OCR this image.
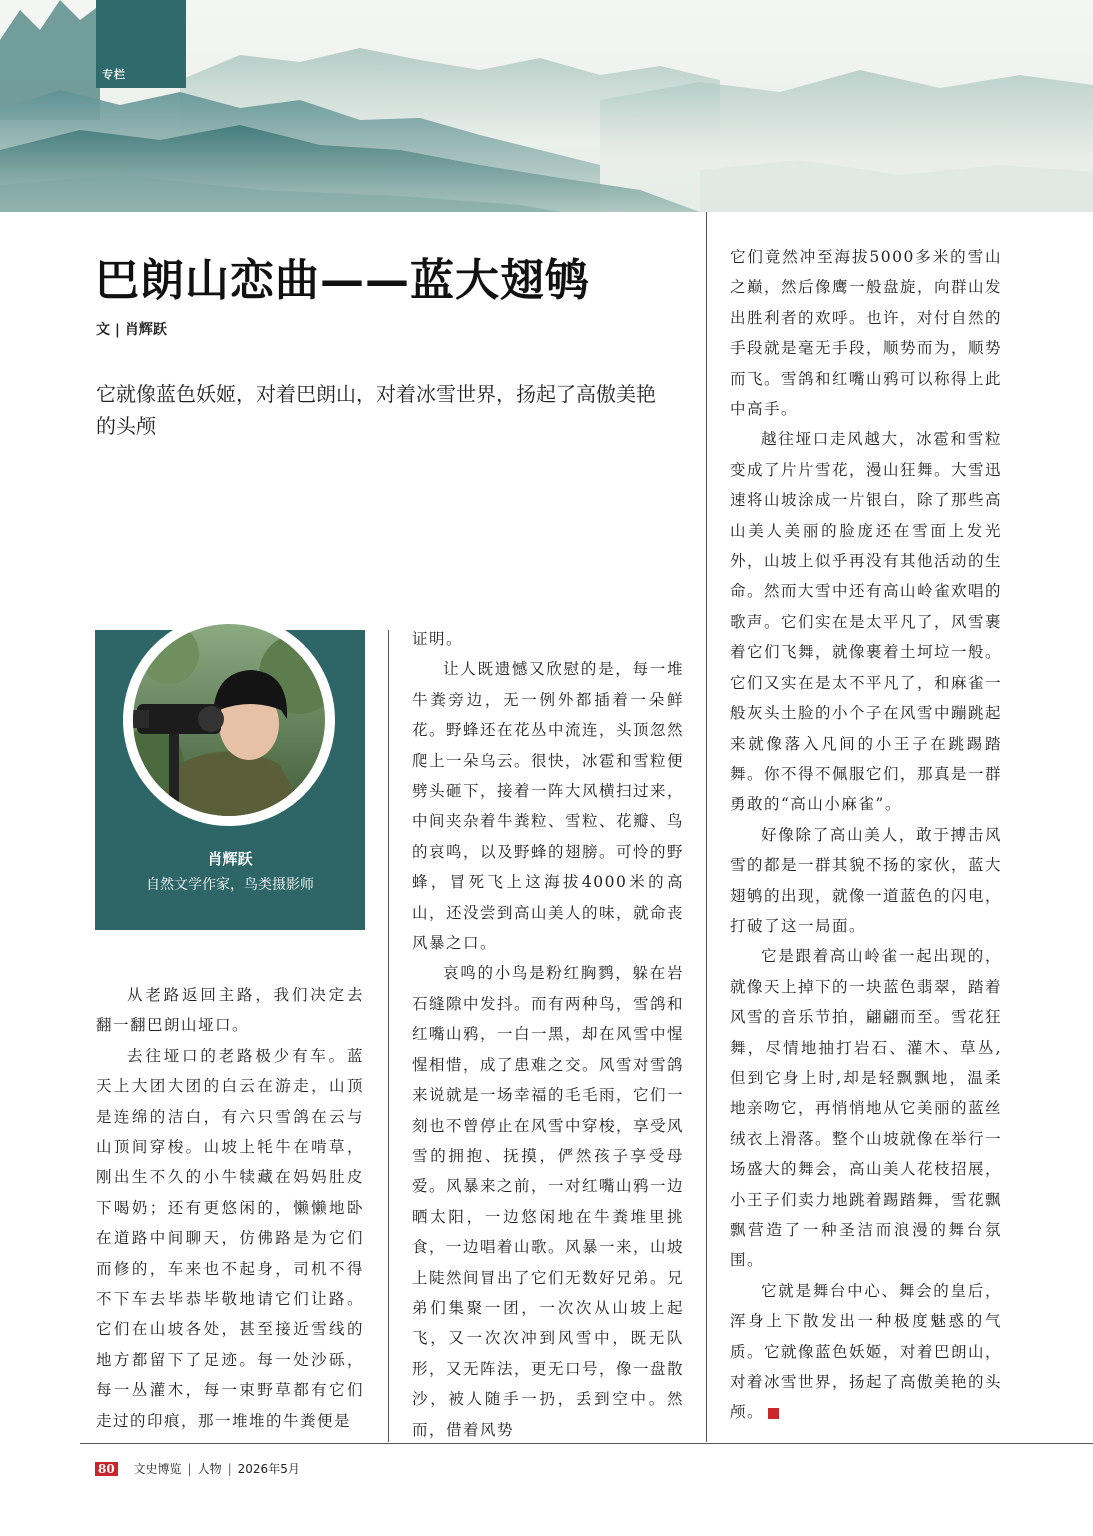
专栏
巴朗山恋曲——蓝大翅鸲
文 | 肖辉跃
它就像蓝色妖姬，对着巴朗山，对着冰雪世界，扬起了高傲美艳的头颅
肖辉跃
自然文学作家，鸟类摄影师

从老路返回主路，我们决定去翻一翻巴朗山垭口。

去往垭口的老路极少有车。蓝天上大团大团的白云在游走，山顶是连绵的洁白，有六只雪鸽在云与山顶间穿梭。山坡上牦牛在啃草，刚出生不久的小牛犊藏在妈妈肚皮下喝奶；还有更悠闲的，懒懒地卧在道路中间聊天，仿佛路是为它们而修的，车来也不起身，司机不得不下车去毕恭毕敬地请它们让路。它们在山坡各处，甚至接近雪线的地方都留下了足迹。每一处沙砾，每一丛灌木，每一束野草都有它们走过的印痕，那一堆堆的牛粪便是

证明。

让人既遗憾又欣慰的是，每一堆牛粪旁边，无一例外都插着一朵鲜花。野蜂还在花丛中流连，头顶忽然爬上一朵乌云。很快，冰雹和雪粒便劈头砸下，接着一阵大风横扫过来，中间夹杂着牛粪粒、雪粒、花瓣、鸟的哀鸣，以及野蜂的翅膀。可怜的野蜂，冒死飞上这海拔4000米的高山，还没尝到高山美人的味，就命丧风暴之口。

哀鸣的小鸟是粉红胸鹨，躲在岩石缝隙中发抖。而有两种鸟，雪鸽和红嘴山鸦，一白一黑，却在风雪中惺惺相惜，成了患难之交。风雪对雪鸽来说就是一场幸福的毛毛雨，它们一刻也不曾停止在风雪中穿梭，享受风雪的拥抱、抚摸，俨然孩子享受母爱。风暴来之前，一对红嘴山鸦一边晒太阳，一边悠闲地在牛粪堆里挑食，一边唱着山歌。风暴一来，山坡上陡然间冒出了它们无数好兄弟。兄弟们集聚一团，一次次从山坡上起飞，又一次次冲到风雪中，既无队形，又无阵法，更无口号，像一盘散沙，被人随手一扔，丢到空中。然而，借着风势

它们竟然冲至海拔5000多米的雪山之巅，然后像鹰一般盘旋，向群山发出胜利者的欢呼。也许，对付自然的手段就是毫无手段，顺势而为，顺势而飞。雪鸽和红嘴山鸦可以称得上此中高手。

越往垭口走风越大，冰雹和雪粒变成了片片雪花，漫山狂舞。大雪迅速将山坡涂成一片银白，除了那些高山美人美丽的脸庞还在雪面上发光外，山坡上似乎再没有其他活动的生命。然而大雪中还有高山岭雀欢唱的歌声。它们实在是太平凡了，风雪裹着它们飞舞，就像裹着土坷垃一般。它们又实在是太不平凡了，和麻雀一般灰头土脸的小个子在风雪中蹦跳起来就像落入凡间的小王子在跳踢踏舞。你不得不佩服它们，那真是一群勇敢的“高山小麻雀”。

好像除了高山美人，敢于搏击风雪的都是一群其貌不扬的家伙，蓝大翅鸲的出现，就像一道蓝色的闪电，打破了这一局面。

它是跟着高山岭雀一起出现的，就像天上掉下的一块蓝色翡翠，踏着风雪的音乐节拍，翩翩而至。雪花狂舞，尽情地抽打岩石、灌木、草丛,但到它身上时,却是轻飘飘地，温柔地亲吻它，再悄悄地从它美丽的蓝丝绒衣上滑落。整个山坡就像在举行一场盛大的舞会，高山美人花枝招展，小王子们卖力地跳着踢踏舞，雪花飘飘营造了一种圣洁而浪漫的舞台氛围。

它就是舞台中心、舞会的皇后，浑身上下散发出一种极度魅惑的气质。它就像蓝色妖姬，对着巴朗山，对着冰雪世界，扬起了高傲美艳的头颅。

80 文史博览 | 人物 | 2026年5月
